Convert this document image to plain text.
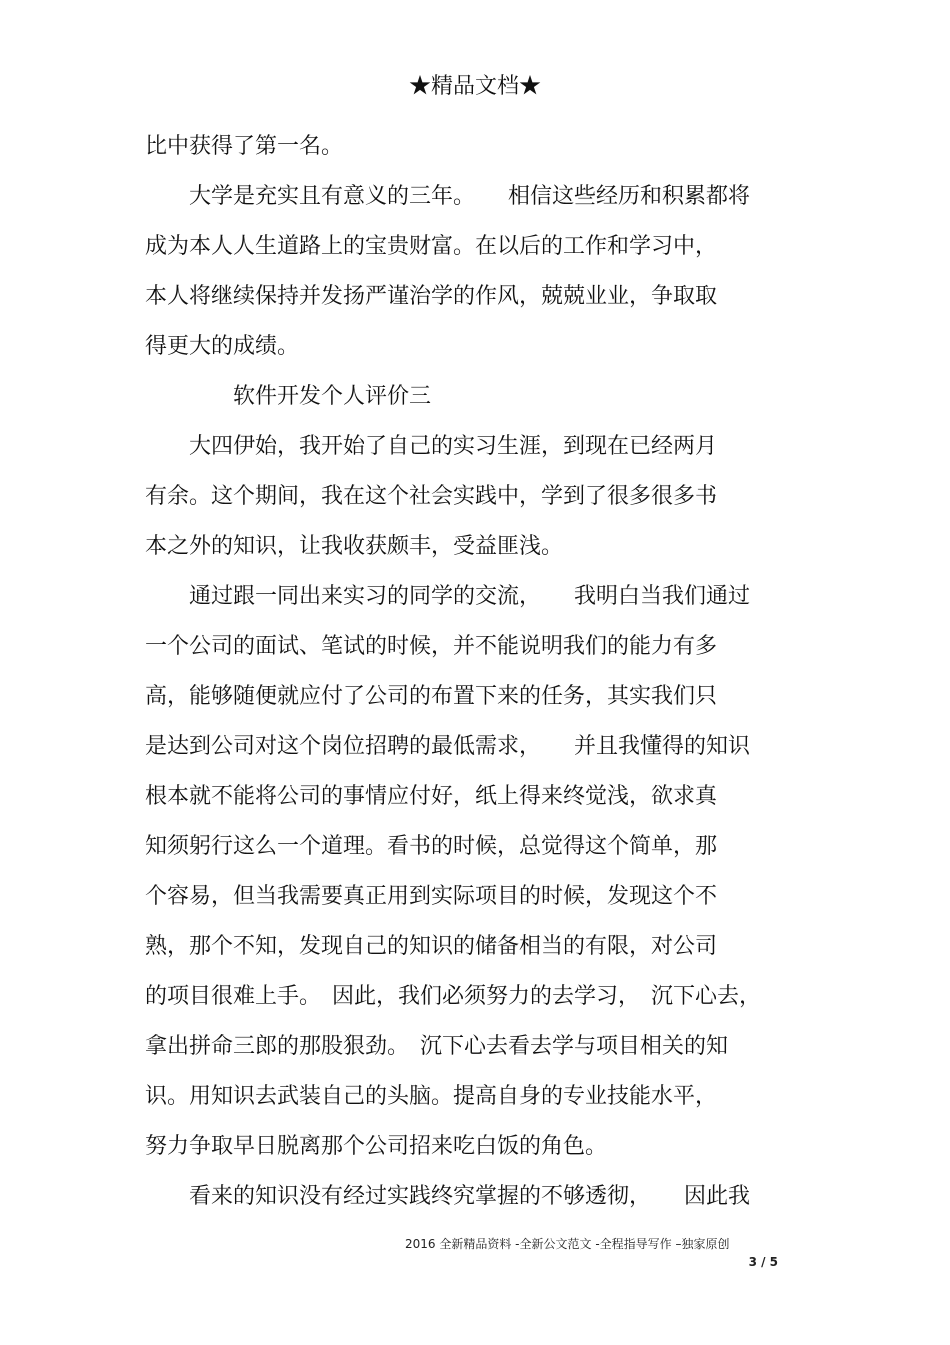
★精品文档★
比中获得了第一名。
　　大学是充实且有意义的三年。　　相信这些经历和积累都将
成为本人人生道路上的宝贵财富。在以后的工作和学习中，
本人将继续保持并发扬严谨治学的作风，兢兢业业，争取取
得更大的成绩。
　　　　软件开发个人评价三
　　大四伊始，我开始了自己的实习生涯，到现在已经两月
有余。这个期间，我在这个社会实践中，学到了很多很多书
本之外的知识，让我收获颇丰，受益匪浅。
　　通过跟一同出来实习的同学的交流，　　我明白当我们通过
一个公司的面试、笔试的时候，并不能说明我们的能力有多
高，能够随便就应付了公司的布置下来的任务，其实我们只
是达到公司对这个岗位招聘的最低需求，　　并且我懂得的知识
根本就不能将公司的事情应付好，纸上得来终觉浅，欲求真
知须躬行这么一个道理。看书的时候，总觉得这个简单，那
个容易，但当我需要真正用到实际项目的时候，发现这个不
熟，那个不知，发现自己的知识的储备相当的有限，对公司
的项目很难上手。　因此，我们必须努力的去学习，　沉下心去，
拿出拼命三郎的那股狠劲。　沉下心去看去学与项目相关的知
识。用知识去武装自己的头脑。提高自身的专业技能水平，
努力争取早日脱离那个公司招来吃白饭的角色。
　　看来的知识没有经过实践终究掌握的不够透彻，　　因此我
2016 全新精品资料 -全新公文范文 -全程指导写作 –独家原创
3 / 5
